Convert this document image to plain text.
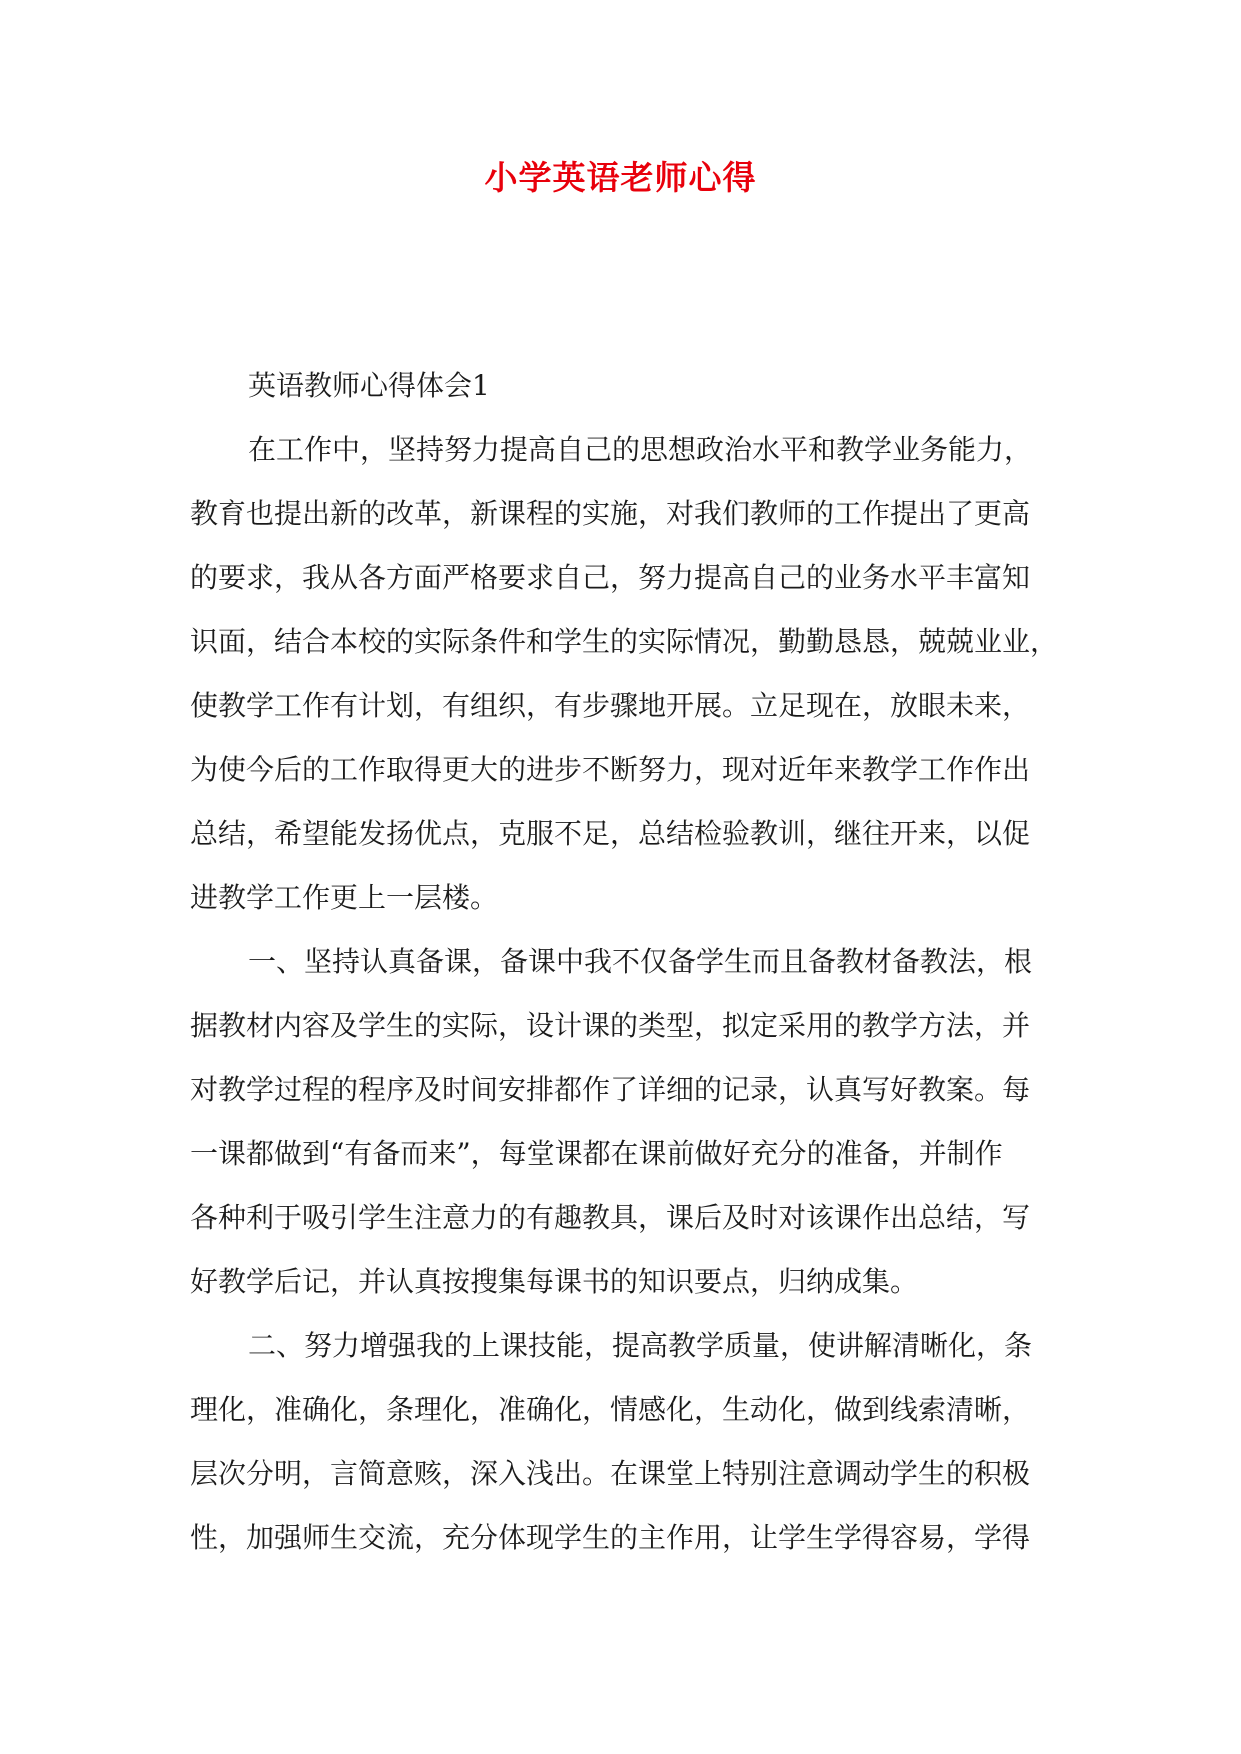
小学英语老师心得
英语教师心得体会1
在工作中，坚持努力提高自己的思想政治水平和教学业务能力，
教育也提出新的改革，新课程的实施，对我们教师的工作提出了更高
的要求，我从各方面严格要求自己，努力提高自己的业务水平丰富知
识面，结合本校的实际条件和学生的实际情况，勤勤恳恳，兢兢业业，
使教学工作有计划，有组织，有步骤地开展。立足现在，放眼未来，
为使今后的工作取得更大的进步不断努力，现对近年来教学工作作出
总结，希望能发扬优点，克服不足，总结检验教训，继往开来，以促
进教学工作更上一层楼。
一、坚持认真备课，备课中我不仅备学生而且备教材备教法，根
据教材内容及学生的实际，设计课的类型，拟定采用的教学方法，并
对教学过程的程序及时间安排都作了详细的记录，认真写好教案。每
一课都做到“有备而来”，每堂课都在课前做好充分的准备，并制作
各种利于吸引学生注意力的有趣教具，课后及时对该课作出总结，写
好教学后记，并认真按搜集每课书的知识要点，归纳成集。
二、努力增强我的上课技能，提高教学质量，使讲解清晰化，条
理化，准确化，条理化，准确化，情感化，生动化，做到线索清晰，
层次分明，言简意赅，深入浅出。在课堂上特别注意调动学生的积极
性，加强师生交流，充分体现学生的主作用，让学生学得容易，学得
